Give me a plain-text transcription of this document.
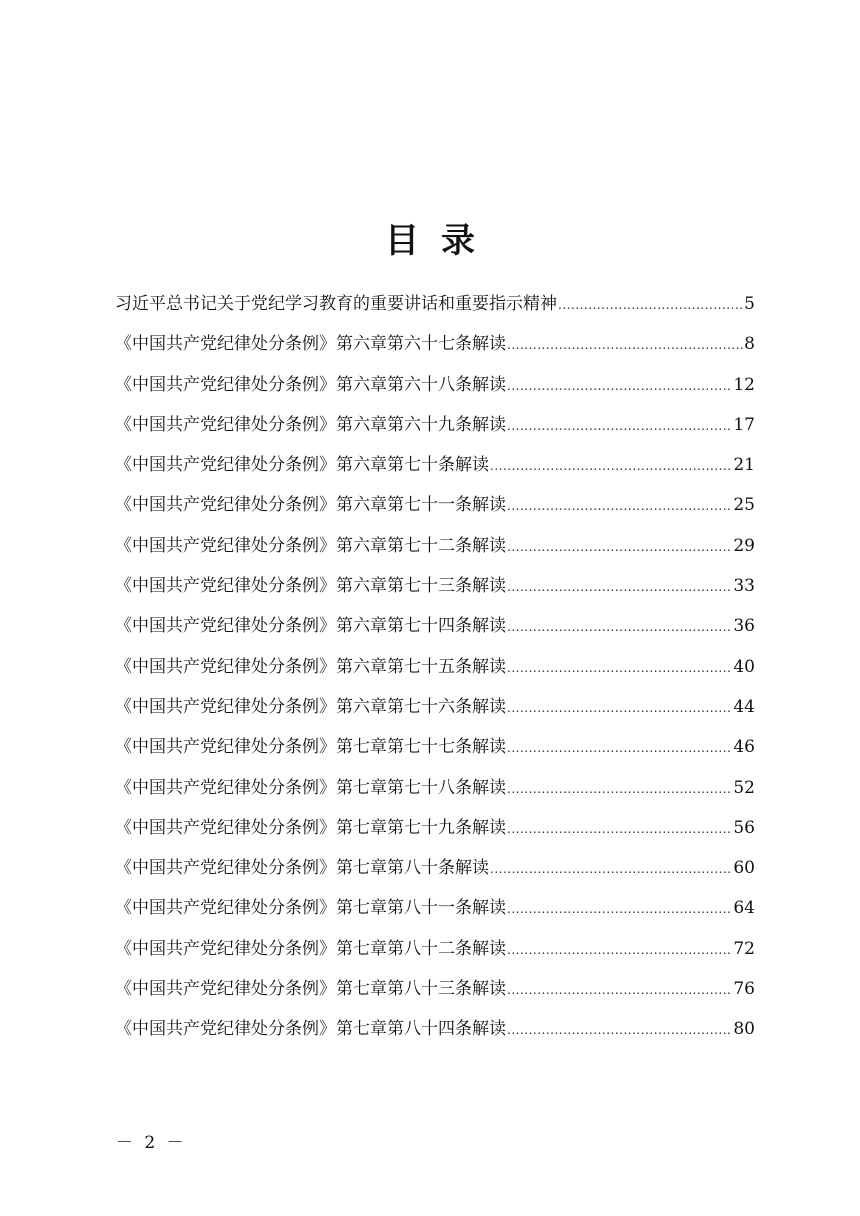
目录
习近平总书记关于党纪学习教育的重要讲话和重要指示精神 .....	5
《中国共产党纪律处分条例》第六章第六十七条解读 .....	8
《中国共产党纪律处分条例》第六章第六十八条解读 .....	12
《中国共产党纪律处分条例》第六章第六十九条解读 .....	17
《中国共产党纪律处分条例》第六章第七十条解读 .....	21
《中国共产党纪律处分条例》第六章第七十一条解读 .....	25
《中国共产党纪律处分条例》第六章第七十二条解读 .....	29
《中国共产党纪律处分条例》第六章第七十三条解读 .....	33
《中国共产党纪律处分条例》第六章第七十四条解读 .....	36
《中国共产党纪律处分条例》第六章第七十五条解读 .....	40
《中国共产党纪律处分条例》第六章第七十六条解读 .....	44
《中国共产党纪律处分条例》第七章第七十七条解读 .....	46
《中国共产党纪律处分条例》第七章第七十八条解读 .....	52
《中国共产党纪律处分条例》第七章第七十九条解读 .....	56
《中国共产党纪律处分条例》第七章第八十条解读 .....	60
《中国共产党纪律处分条例》第七章第八十一条解读 .....	64
《中国共产党纪律处分条例》第七章第八十二条解读 .....	72
《中国共产党纪律处分条例》第七章第八十三条解读 .....	76
《中国共产党纪律处分条例》第七章第八十四条解读 .....	80
－ 2 －
